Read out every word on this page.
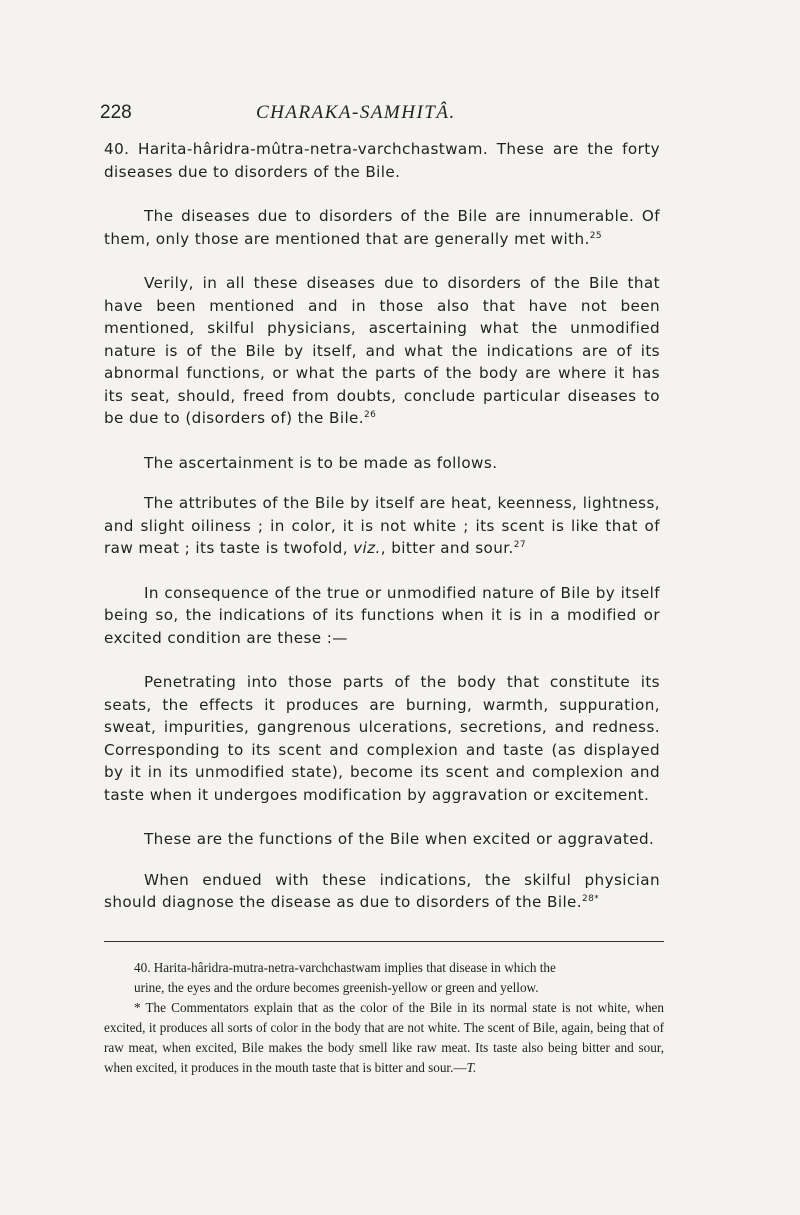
228	CHARAKA-SAMHITÂ.

40. Harita-hâridra-mûtra-netra-varchchastwam. These are the forty diseases due to disorders of the Bile.

The diseases due to disorders of the Bile are innumerable. Of them, only those are mentioned that are generally met with.$^{25}$

Verily, in all these diseases due to disorders of the Bile that have been mentioned and in those also that have not been mentioned, skilful physicians, ascertaining what the unmodified nature is of the Bile by itself, and what the indications are of its abnormal functions, or what the parts of the body are where it has its seat, should, freed from doubts, conclude particular diseases to be due to (disorders of) the Bile.$^{26}$

The ascertainment is to be made as follows.

The attributes of the Bile by itself are heat, keenness, lightness, and slight oiliness ; in color, it is not white ; its scent is like that of raw meat ; its taste is twofold, viz., bitter and sour.$^{27}$

In consequence of the true or unmodified nature of Bile by itself being so, the indications of its functions when it is in a modified or excited condition are these :—

Penetrating into those parts of the body that constitute its seats, the effects it produces are burning, warmth, suppuration, sweat, impurities, gangrenous ulcerations, secretions, and redness. Corresponding to its scent and complexion and taste (as displayed by it in its unmodified state), become its scent and complexion and taste when it undergoes modification by aggravation or excitement.

These are the functions of the Bile when excited or aggravated.

When endued with these indications, the skilful physician should diagnose the disease as due to disorders of the Bile.$^{28*}$

40. Harita-hâridra-mutra-netra-varchchastwam implies that disease in which the

urine, the eyes and the ordure becomes greenish-yellow or green and yellow.

* The Commentators explain that as the color of the Bile in its normal state is not white, when excited, it produces all sorts of color in the body that are not white. The scent of Bile, again, being that of raw meat, when excited, Bile makes the body smell like raw meat. Its taste also being bitter and sour, when excited, it produces in the mouth taste that is bitter and sour.—T.
